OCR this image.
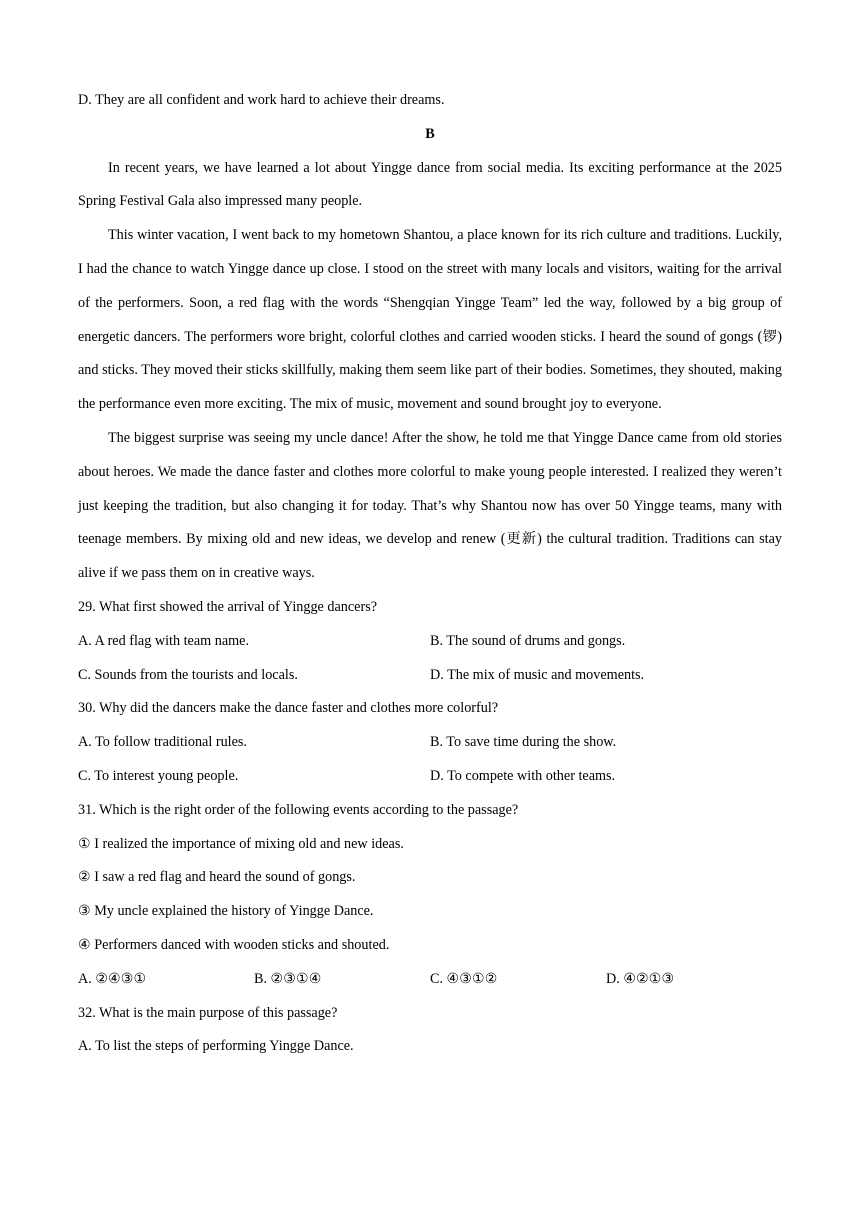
D. They are all confident and work hard to achieve their dreams.
B
In recent years, we have learned a lot about Yingge dance from social media. Its exciting performance at the 2025 Spring Festival Gala also impressed many people.
This winter vacation, I went back to my hometown Shantou, a place known for its rich culture and traditions. Luckily, I had the chance to watch Yingge dance up close. I stood on the street with many locals and visitors, waiting for the arrival of the performers. Soon, a red flag with the words “Shengqian Yingge Team” led the way, followed by a big group of energetic dancers. The performers wore bright, colorful clothes and carried wooden sticks. I heard the sound of gongs (锣) and sticks. They moved their sticks skillfully, making them seem like part of their bodies. Sometimes, they shouted, making the performance even more exciting. The mix of music, movement and sound brought joy to everyone.
The biggest surprise was seeing my uncle dance! After the show, he told me that Yingge Dance came from old stories about heroes. We made the dance faster and clothes more colorful to make young people interested. I realized they weren’t just keeping the tradition, but also changing it for today. That’s why Shantou now has over 50 Yingge teams, many with teenage members. By mixing old and new ideas, we develop and renew (更新) the cultural tradition. Traditions can stay alive if we pass them on in creative ways.
29. What first showed the arrival of Yingge dancers?
A. A red flag with team name.	B. The sound of drums and gongs.
C. Sounds from the tourists and locals.	D. The mix of music and movements.
30. Why did the dancers make the dance faster and clothes more colorful?
A. To follow traditional rules.	B. To save time during the show.
C. To interest young people.	D. To compete with other teams.
31. Which is the right order of the following events according to the passage?
① I realized the importance of mixing old and new ideas.
② I saw a red flag and heard the sound of gongs.
③ My uncle explained the history of Yingge Dance.
④ Performers danced with wooden sticks and shouted.
A. ②④③①	B. ②③①④	C. ④③①②	D. ④②①③
32. What is the main purpose of this passage?
A. To list the steps of performing Yingge Dance.
